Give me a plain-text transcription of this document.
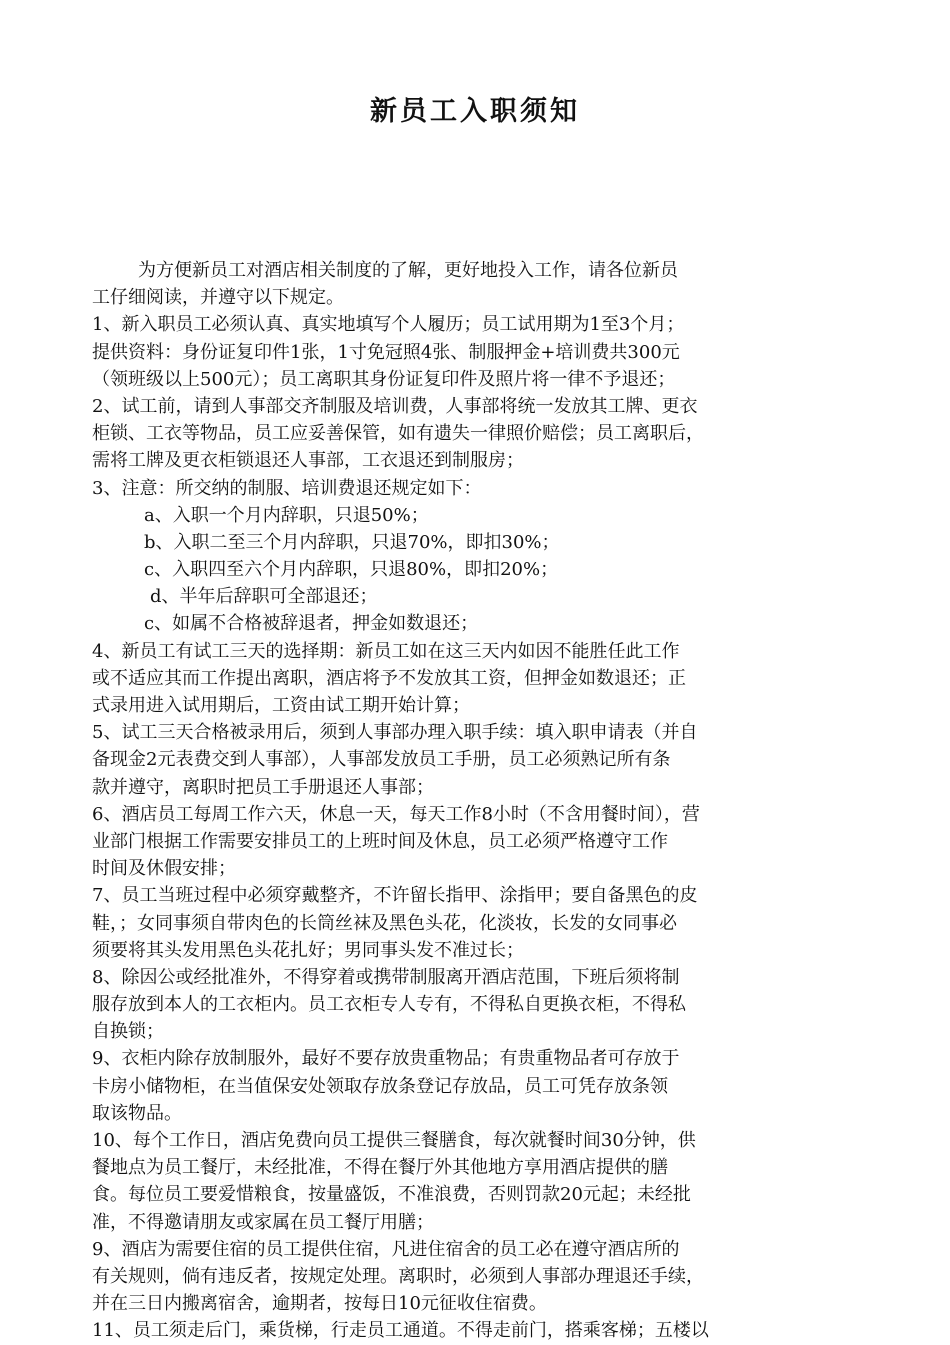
新员工入职须知
为方便新员工对酒店相关制度的了解，更好地投入工作，请各位新员
工仔细阅读，并遵守以下规定。
1、新入职员工必须认真、真实地填写个人履历；员工试用期为1至3个月；
提供资料：身份证复印件1张，1寸免冠照4张、制服押金+培训费共300元
（领班级以上500元）；员工离职其身份证复印件及照片将一律不予退还；
2、试工前，请到人事部交齐制服及培训费，人事部将统一发放其工牌、更衣
柜锁、工衣等物品，员工应妥善保管，如有遗失一律照价赔偿；员工离职后，
需将工牌及更衣柜锁退还人事部，工衣退还到制服房；
3、注意：所交纳的制服、培训费退还规定如下：
a、入职一个月内辞职，只退50%；
b、入职二至三个月内辞职，只退70%，即扣30%；
c、入职四至六个月内辞职，只退80%，即扣20%；
d、半年后辞职可全部退还；
c、如属不合格被辞退者，押金如数退还；
4、新员工有试工三天的选择期：新员工如在这三天内如因不能胜任此工作
或不适应其而工作提出离职，酒店将予不发放其工资，但押金如数退还；正
式录用进入试用期后，工资由试工期开始计算；
5、试工三天合格被录用后，须到人事部办理入职手续：填入职申请表（并自
备现金2元表费交到人事部），人事部发放员工手册，员工必须熟记所有条
款并遵守，离职时把员工手册退还人事部；
6、酒店员工每周工作六天，休息一天，每天工作8小时（不含用餐时间），营
业部门根据工作需要安排员工的上班时间及休息，员工必须严格遵守工作
时间及休假安排；
7、员工当班过程中必须穿戴整齐，不许留长指甲、涂指甲；要自备黑色的皮
鞋，；女同事须自带肉色的长筒丝袜及黑色头花，化淡妆，长发的女同事必
须要将其头发用黑色头花扎好；男同事头发不准过长；
8、除因公或经批准外，不得穿着或携带制服离开酒店范围，下班后须将制
服存放到本人的工衣柜内。员工衣柜专人专有，不得私自更换衣柜，不得私
自换锁；
9、衣柜内除存放制服外，最好不要存放贵重物品；有贵重物品者可存放于
卡房小储物柜，在当值保安处领取存放条登记存放品，员工可凭存放条领
取该物品。
10、每个工作日，酒店免费向员工提供三餐膳食，每次就餐时间30分钟，供
餐地点为员工餐厅，未经批准，不得在餐厅外其他地方享用酒店提供的膳
食。每位员工要爱惜粮食，按量盛饭，不准浪费，否则罚款20元起；未经批
准，不得邀请朋友或家属在员工餐厅用膳；
9、酒店为需要住宿的员工提供住宿，凡进住宿舍的员工必在遵守酒店所的
有关规则，倘有违反者，按规定处理。离职时，必须到人事部办理退还手续，
并在三日内搬离宿舍，逾期者，按每日10元征收住宿费。
11、员工须走后门，乘货梯，行走员工通道。不得走前门，搭乘客梯；五楼以
